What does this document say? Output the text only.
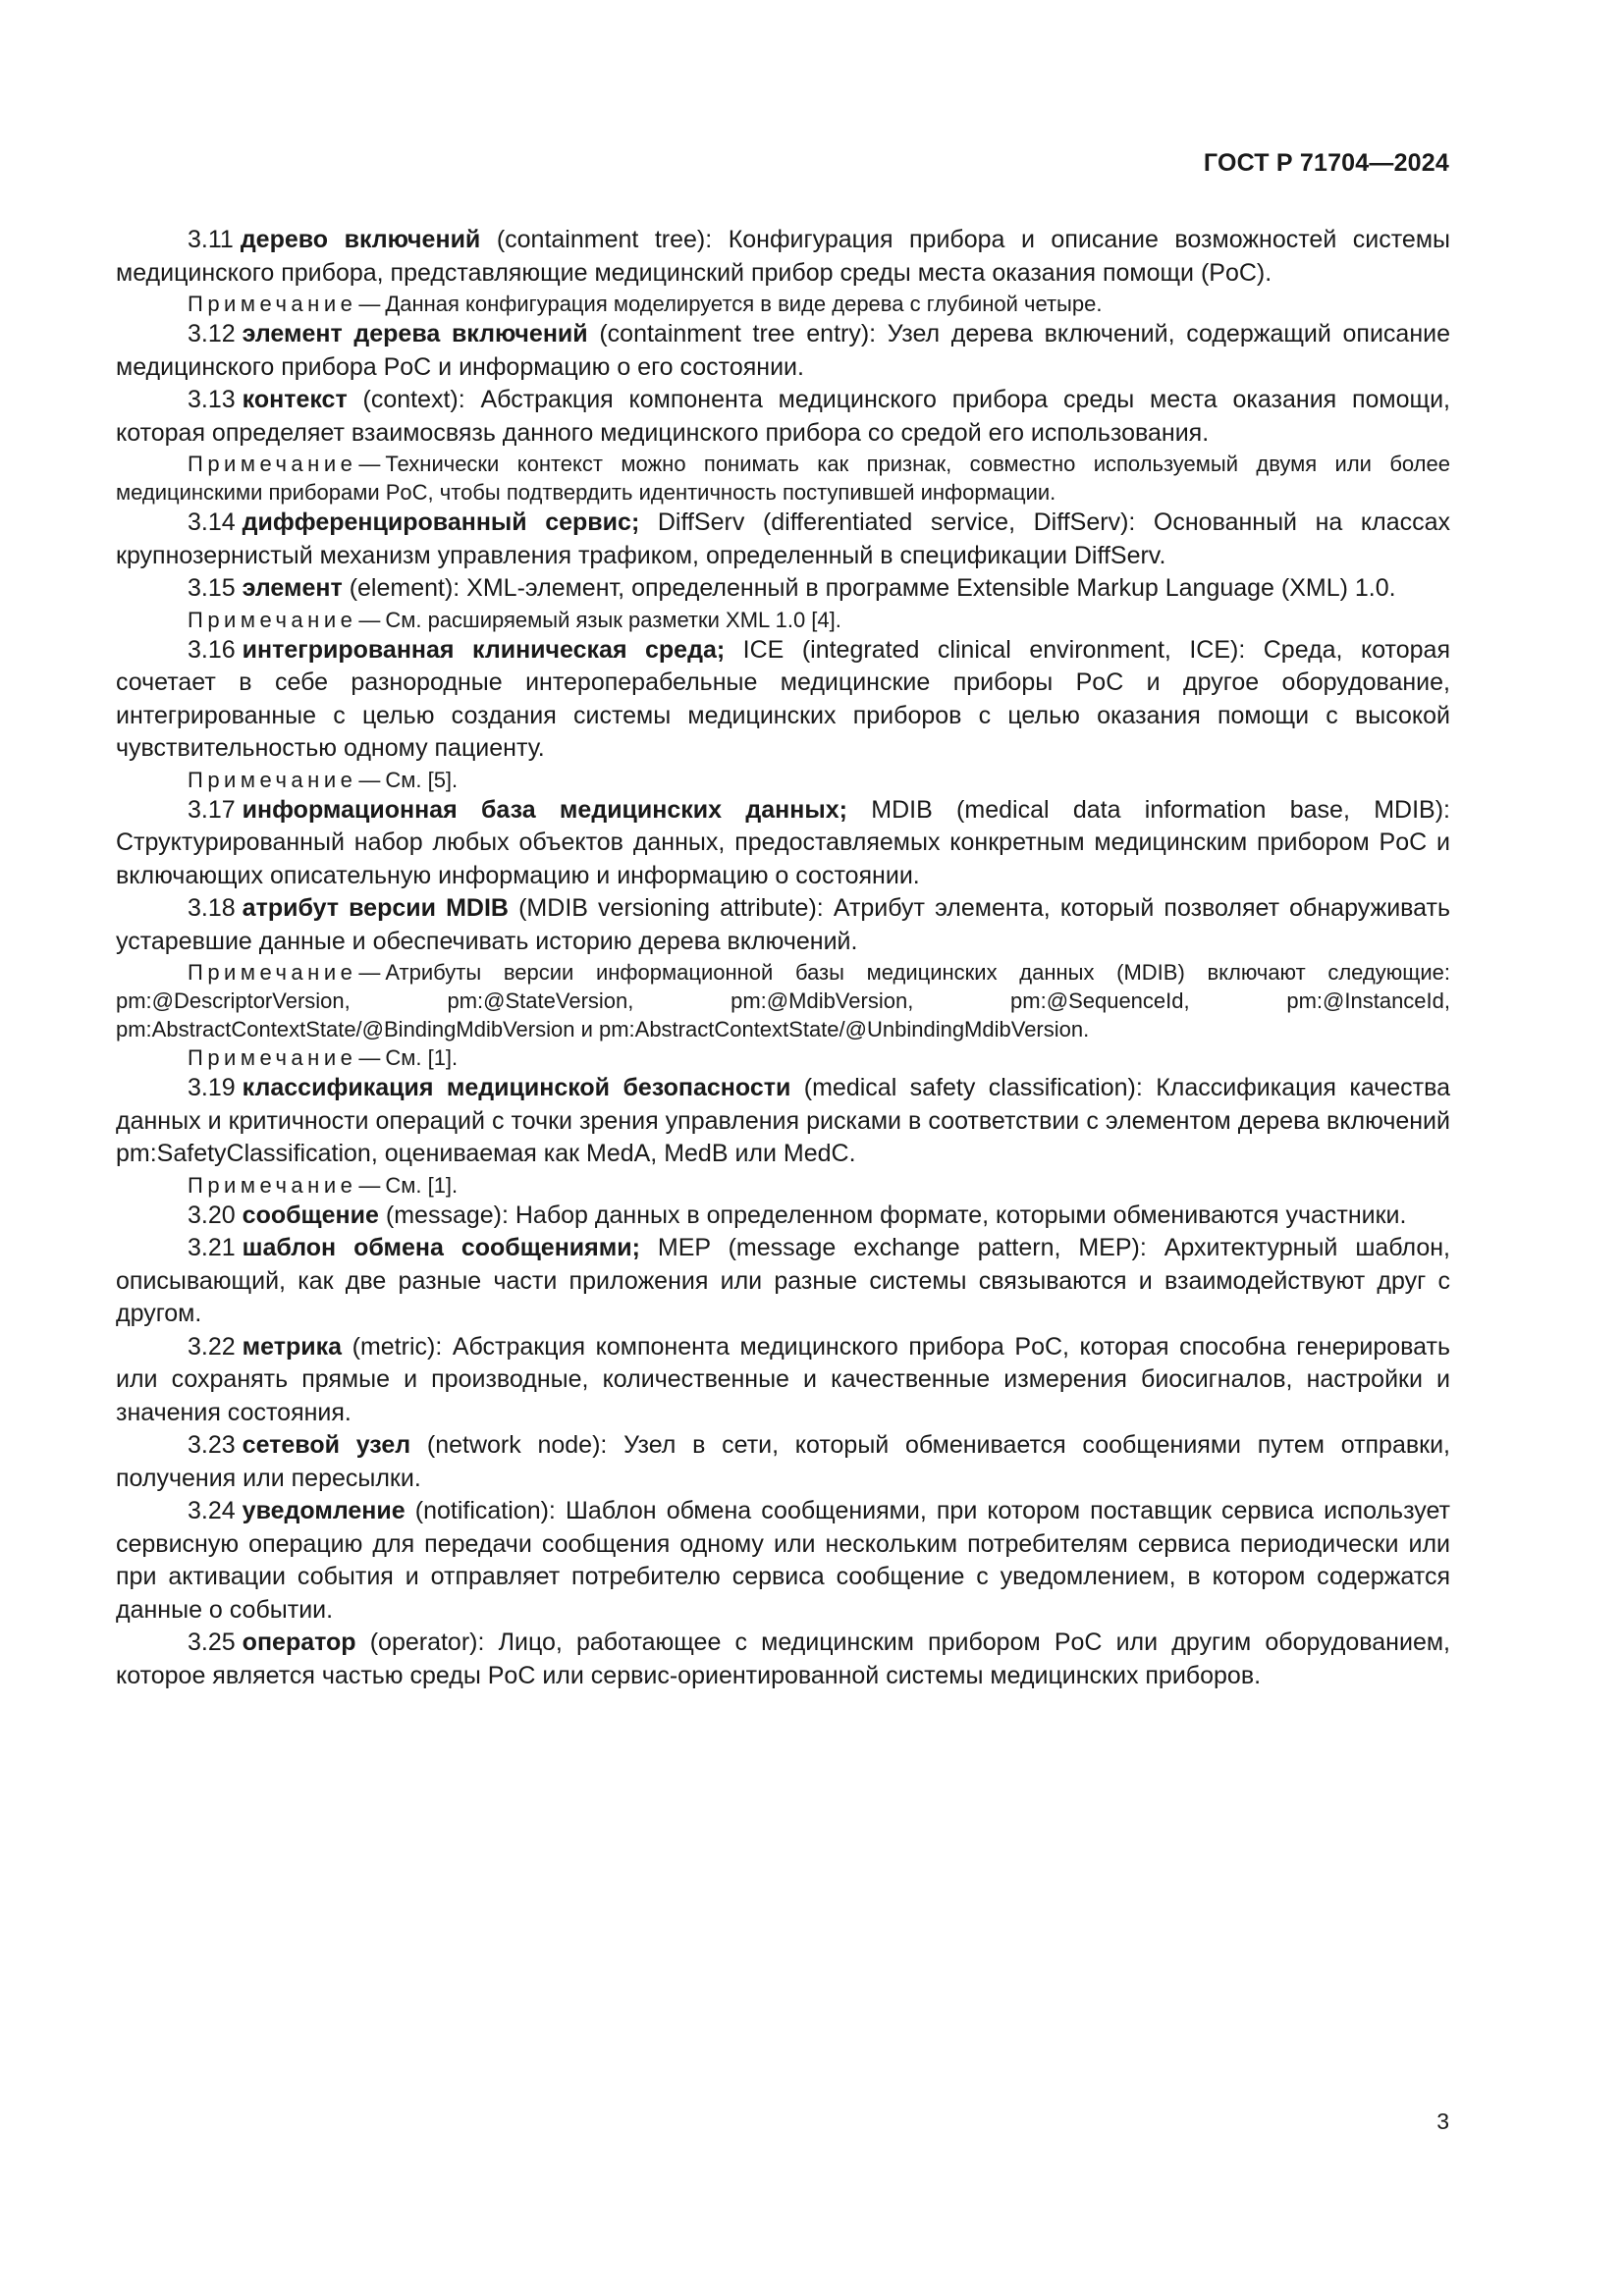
ГОСТ Р 71704—2024

3.11 дерево включений (containment tree): Конфигурация прибора и описание возможностей системы медицинского прибора, представляющие медицинский прибор среды места оказания помощи (PoC).

Примечание— Данная конфигурация моделируется в виде дерева с глубиной четыре.

3.12 элемент дерева включений (containment tree entry): Узел дерева включений, содержащий описание медицинского прибора PoC и информацию о его состоянии.

3.13 контекст (context): Абстракция компонента медицинского прибора среды места оказания помощи, которая определяет взаимосвязь данного медицинского прибора со средой его использования.

Примечание— Технически контекст можно понимать как признак, совместно используемый двумя или более медицинскими приборами PoC, чтобы подтвердить идентичность поступившей информации.

3.14 дифференцированный сервис; DiffServ (differentiated service, DiffServ): Основанный на классах крупнозернистый механизм управления трафиком, определенный в спецификации DiffServ.

3.15 элемент (element): XML-элемент, определенный в программе Extensible Markup Language (XML) 1.0.

Примечание— См. расширяемый язык разметки XML 1.0 [4].

3.16 интегрированная клиническая среда; ICE (integrated clinical environment, ICE): Среда, которая сочетает в себе разнородные интероперабельные медицинские приборы PoC и другое оборудование, интегрированные с целью создания системы медицинских приборов с целью оказания помощи с высокой чувствительностью одному пациенту.

Примечание— См. [5].

3.17 информационная база медицинских данных; MDIB (medical data information base, MDIB): Структурированный набор любых объектов данных, предоставляемых конкретным медицинским прибором PoC и включающих описательную информацию и информацию о состоянии.

3.18 атрибут версии MDIB (MDIB versioning attribute): Атрибут элемента, который позволяет обнаруживать устаревшие данные и обеспечивать историю дерева включений.

Примечание— Атрибуты версии информационной базы медицинских данных (MDIB) включают следующие: pm:@DescriptorVersion, pm:@StateVersion, pm:@MdibVersion, pm:@SequenceId, pm:@InstanceId, pm:AbstractContextState/@BindingMdibVersion и pm:AbstractContextState/@UnbindingMdibVersion.

Примечание— См. [1].

3.19 классификация медицинской безопасности (medical safety classification): Классификация качества данных и критичности операций с точки зрения управления рисками в соответствии с элементом дерева включений pm:SafetyClassification, оцениваемая как MedA, MedB или MedC.

Примечание— См. [1].

3.20 сообщение (message): Набор данных в определенном формате, которыми обмениваются участники.

3.21 шаблон обмена сообщениями; MEP (message exchange pattern, MEP): Архитектурный шаблон, описывающий, как две разные части приложения или разные системы связываются и взаимодействуют друг с другом.

3.22 метрика (metric): Абстракция компонента медицинского прибора PoC, которая способна генерировать или сохранять прямые и производные, количественные и качественные измерения биосигналов, настройки и значения состояния.

3.23 сетевой узел (network node): Узел в сети, который обменивается сообщениями путем отправки, получения или пересылки.

3.24 уведомление (notification): Шаблон обмена сообщениями, при котором поставщик сервиса использует сервисную операцию для передачи сообщения одному или нескольким потребителям сервиса периодически или при активации события и отправляет потребителю сервиса сообщение с уведомлением, в котором содержатся данные о событии.

3.25 оператор (operator): Лицо, работающее с медицинским прибором PoC или другим оборудованием, которое является частью среды PoC или сервис-ориентированной системы медицинских приборов.

3
